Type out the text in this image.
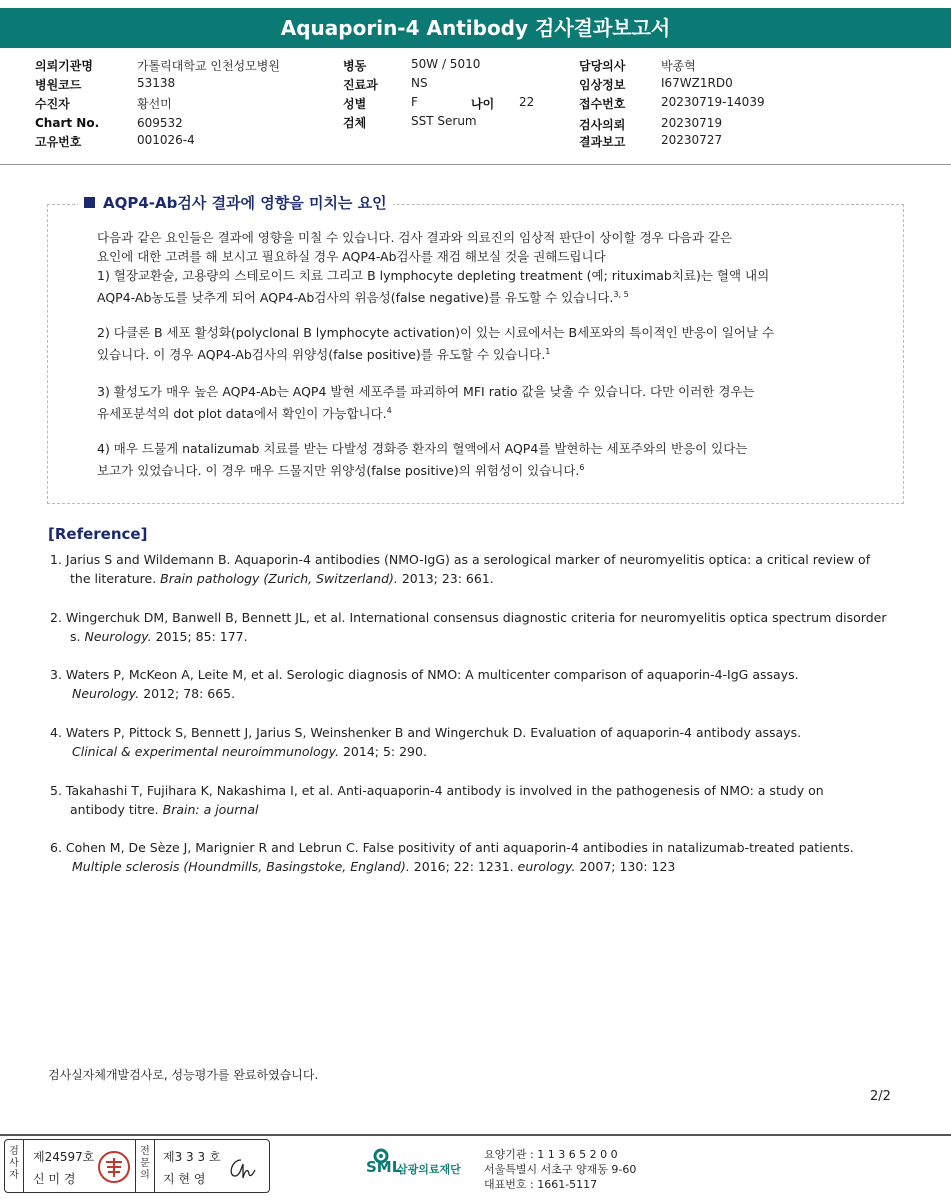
Aquaporin-4 Antibody 검사결과보고서
의뢰기관명	가톨릭대학교 인천성모병원
병원코드	53138
수진자	황선미
Chart No.	609532
고유번호	001026-4
병동	50W / 5010
진료과	NS
성별	F	나이 22
검체	SST Serum
담당의사	박종혁
임상정보	I67WZ1RD0
접수번호	20230719-14039
검사의뢰	20230719
결과보고	20230727
AQP4-Ab검사 결과에 영향을 미치는 요인
다음과 같은 요인들은 결과에 영향을 미칠 수 있습니다. 검사 결과와 의료진의 임상적 판단이 상이할 경우 다음과 같은
요인에 대한 고려를 해 보시고 필요하실 경우 AQP4-Ab검사를 재검 해보실 것을 권해드립니다
1) 혈장교환술, 고용량의 스테로이드 치료 그리고 B lymphocyte depleting treatment (예; rituximab치료)는 혈액 내의
AQP4-Ab농도를 낮추게 되어 AQP4-Ab검사의 위음성(false negative)를 유도할 수 있습니다.$^{3, 5}$
2) 다클론 B 세포 활성화(polyclonal B lymphocyte activation)이 있는 시료에서는 B세포와의 특이적인 반응이 일어날 수
있습니다. 이 경우 AQP4-Ab검사의 위양성(false positive)를 유도할 수 있습니다.$^1$
3) 활성도가 매우 높은 AQP4-Ab는 AQP4 발현 세포주를 파괴하여 MFI ratio 값을 낮출 수 있습니다. 다만 이러한 경우는
유세포분석의 dot plot data에서 확인이 가능합니다.$^4$
4) 매우 드물게 natalizumab 치료를 받는 다발성 경화증 환자의 혈액에서 AQP4를 발현하는 세포주와의 반응이 있다는
보고가 있었습니다. 이 경우 매우 드물지만 위양성(false positive)의 위험성이 있습니다.$^6$
[Reference]
1. Jarius S and Wildemann B. Aquaporin-4 antibodies (NMO-IgG) as a serological marker of neuromyelitis optica: a critical review of
the literature. Brain pathology (Zurich, Switzerland). 2013; 23: 661.
2. Wingerchuk DM, Banwell B, Bennett JL, et al. International consensus diagnostic criteria for neuromyelitis optica spectrum disorder
s. Neurology. 2015; 85: 177.
3. Waters P, McKeon A, Leite M, et al. Serologic diagnosis of NMO: A multicenter comparison of aquaporin-4-IgG assays.
Neurology. 2012; 78: 665.
4. Waters P, Pittock S, Bennett J, Jarius S, Weinshenker B and Wingerchuk D. Evaluation of aquaporin-4 antibody assays.
Clinical & experimental neuroimmunology. 2014; 5: 290.
5. Takahashi T, Fujihara K, Nakashima I, et al. Anti-aquaporin-4 antibody is involved in the pathogenesis of NMO: a study on
antibody titre. Brain: a journal
6. Cohen M, De Sèze J, Marignier R and Lebrun C. False positivity of anti aquaporin-4 antibodies in natalizumab-treated patients.
Multiple sclerosis (Houndmills, Basingstoke, England). 2016; 22: 1231. eurology. 2007; 130: 123
검사실자체개발검사로, 성능평가를 완료하였습니다.
2/2
검사자
제24597호
신 미 경
전문의
제3 3 3 호
지 현 영
SML
삼광의료재단
요양기관 : 1 1 3 6 5 2 0 0
서울특별시 서초구 양재동 9-60
대표번호 : 1661-5117
